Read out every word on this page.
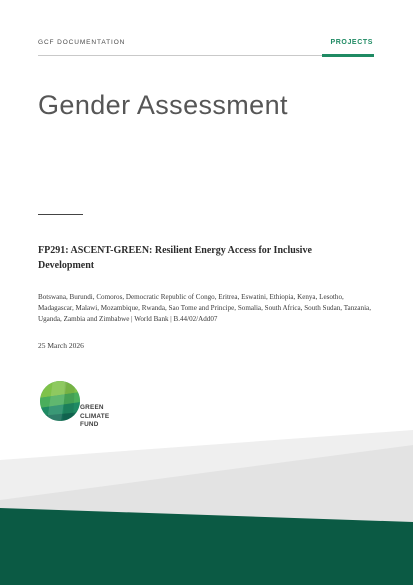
GCF DOCUMENTATION	PROJECTS
Gender Assessment
FP291: ASCENT-GREEN: Resilient Energy Access for Inclusive Development
Botswana, Burundi, Comoros, Democratic Republic of Congo, Eritrea, Eswatini, Ethiopia, Kenya, Lesotho, Madagascar, Malawi, Mozambique, Rwanda, Sao Tome and Principe, Somalia, South Africa, South Sudan, Tanzania, Uganda, Zambia and Zimbabwe | World Bank | B.44/02/Add07
25 March 2026
GREEN
CLIMATE
FUND
